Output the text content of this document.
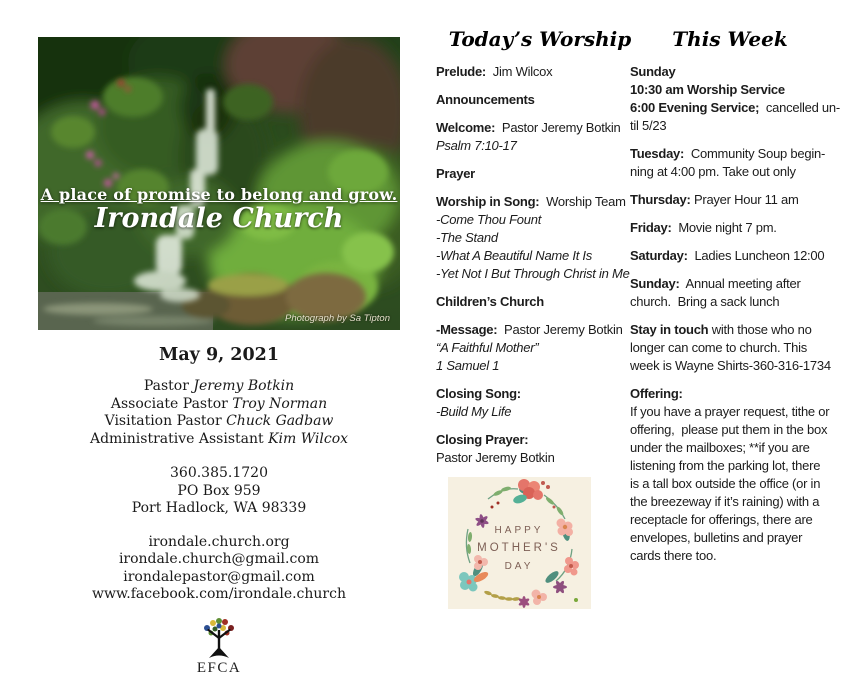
A place of promise to belong and grow.
Irondale Church
Photograph by Sa Tipton
May 9, 2021
Pastor Jeremy Botkin
Associate Pastor Troy Norman
Visitation Pastor Chuck Gadbaw
Administrative Assistant Kim Wilcox
360.385.1720
PO Box 959
Port Hadlock, WA 98339
irondale.church.org
irondale.church@gmail.com
irondalepastor@gmail.com
www.facebook.com/irondale.church
EFCA
Today’s Worship

Prelude:  Jim Wilcox

Announcements

Welcome:  Pastor Jeremy Botkin
Psalm 7:10-17

Prayer

Worship in Song:  Worship Team
-Come Thou Fount
-The Stand
-What A Beautiful Name It Is
-Yet Not I But Through Christ in Me

Children’s Church

-Message:  Pastor Jeremy Botkin
“A Faithful Mother”
1 Samuel 1

Closing Song:
-Build My Life

Closing Prayer:
Pastor Jeremy Botkin

HAPPY
MOTHER'S
DAY
This Week

Sunday
10:30 am Worship Service
6:00 Evening Service;  cancelled un-
til 5/23

Tuesday:  Community Soup begin-
ning at 4:00 pm. Take out only

Thursday: Prayer Hour 11 am

Friday:  Movie night 7 pm.

Saturday:  Ladies Luncheon 12:00

Sunday:  Annual meeting after
church.  Bring a sack lunch

Stay in touch with those who no
longer can come to church. This
week is Wayne Shirts-360-316-1734

Offering:
If you have a prayer request, tithe or
offering,  please put them in the box
under the mailboxes; **if you are
listening from the parking lot, there
is a tall box outside the office (or in
the breezeway if it’s raining) with a
receptacle for offerings, there are
envelopes, bulletins and prayer
cards there too.
